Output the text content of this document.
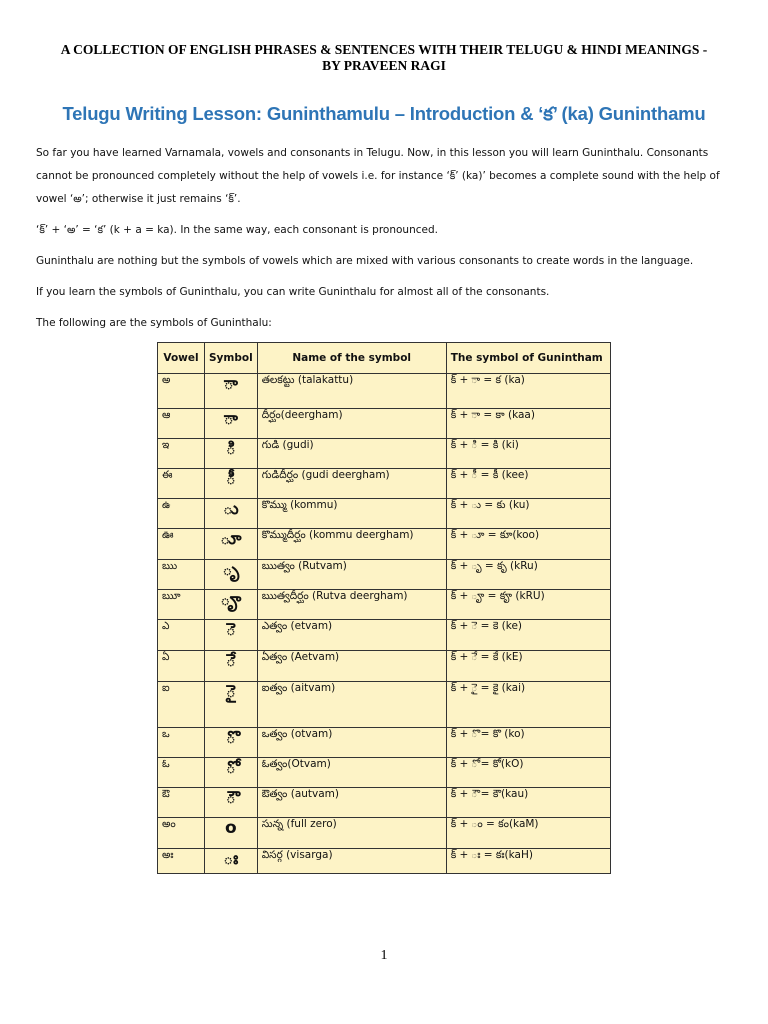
A COLLECTION OF ENGLISH PHRASES & SENTENCES WITH THEIR TELUGU & HINDI MEANINGS -
BY PRAVEEN RAGI
Telugu Writing Lesson: Guninthamulu – Introduction & ‘క’ (ka) Guninthamu
So far you have learned Varnamala, vowels and consonants in Telugu. Now, in this lesson you will learn Guninthalu. Consonants cannot be pronounced completely without the help of vowels i.e. for instance ‘క్’ (ka)’ becomes a complete sound with the help of vowel ‘అ’; otherwise it just remains ‘క్’.
‘క్’ + ‘అ’ = ‘క’ (k + a = ka). In the same way, each consonant is pronounced.
Guninthalu are nothing but the symbols of vowels which are mixed with various consonants to create words in the language.
If you learn the symbols of Guninthalu, you can write Guninthalu for almost all of the consonants.
The following are the symbols of Guninthalu:
Vowel	Symbol	Name of the symbol	The symbol of Gunintham
అ	ా	తలకట్టు (talakattu)	క్ + ా = క (ka)
ఆ	ా	దీర్ఘం(deergham)	క్ + ా = కా (kaa)
ఇ	ి	గుడి (gudi)	క్ + ి = కి (ki)
ఈ	ీ	గుడిదీర్ఘం (gudi deergham)	క్ + ీ = కీ (kee)
ఉ	ు	కొమ్ము (kommu)	క్ + ు = కు (ku)
ఊ	ూ	కొమ్ముదీర్ఘం (kommu deergham)	క్ + ూ = కూ(koo)
ఋ	ృ	ఋత్వం (Rutvam)	క్ + ృ = కృ (kRu)
ౠ	ౄ	ఋత్వదీర్ఘం (Rutva deergham)	క్ + ౄ = కౄ (kRU)
ఎ	ె	ఎత్వం (etvam)	క్ + ె = కె (ke)
ఏ	ే	ఏత్వం (Aetvam)	క్ + ే = కే (kE)
ఐ	ై	ఐత్వం (aitvam)	క్ + ై = కై (kai)
ఒ	ొ	ఒత్వం (otvam)	క్ + ొ = కొ (ko)
ఓ	ో	ఓత్వం(Otvam)	క్ + ో = కో(kO)
ఔ	ౌ	ఔత్వం (autvam)	క్ + ౌ = కౌ(kau)
అం	o	సున్న (full zero)	క్ + ం = కం(kaM)
అః	ః	విసర్గ (visarga)	క్ + ః = కః(kaH)
1
